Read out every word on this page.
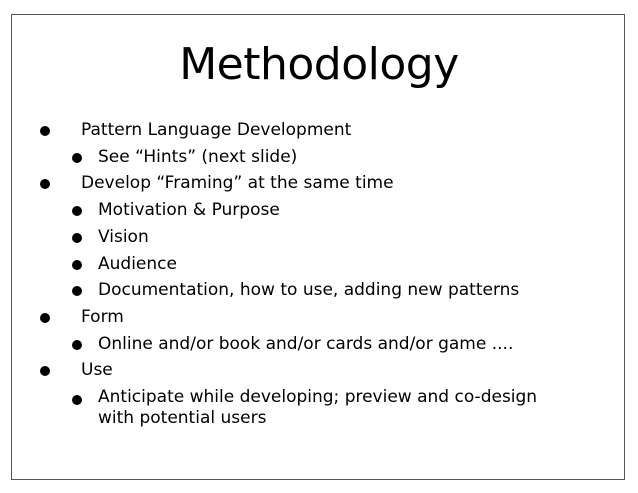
Methodology
Pattern Language Development
See “Hints” (next slide)
Develop “Framing” at the same time
Motivation & Purpose
Vision
Audience
Documentation, how to use, adding new patterns
Form
Online and/or book and/or cards and/or game ....
Use
Anticipate while developing; preview and co-design with potential users
